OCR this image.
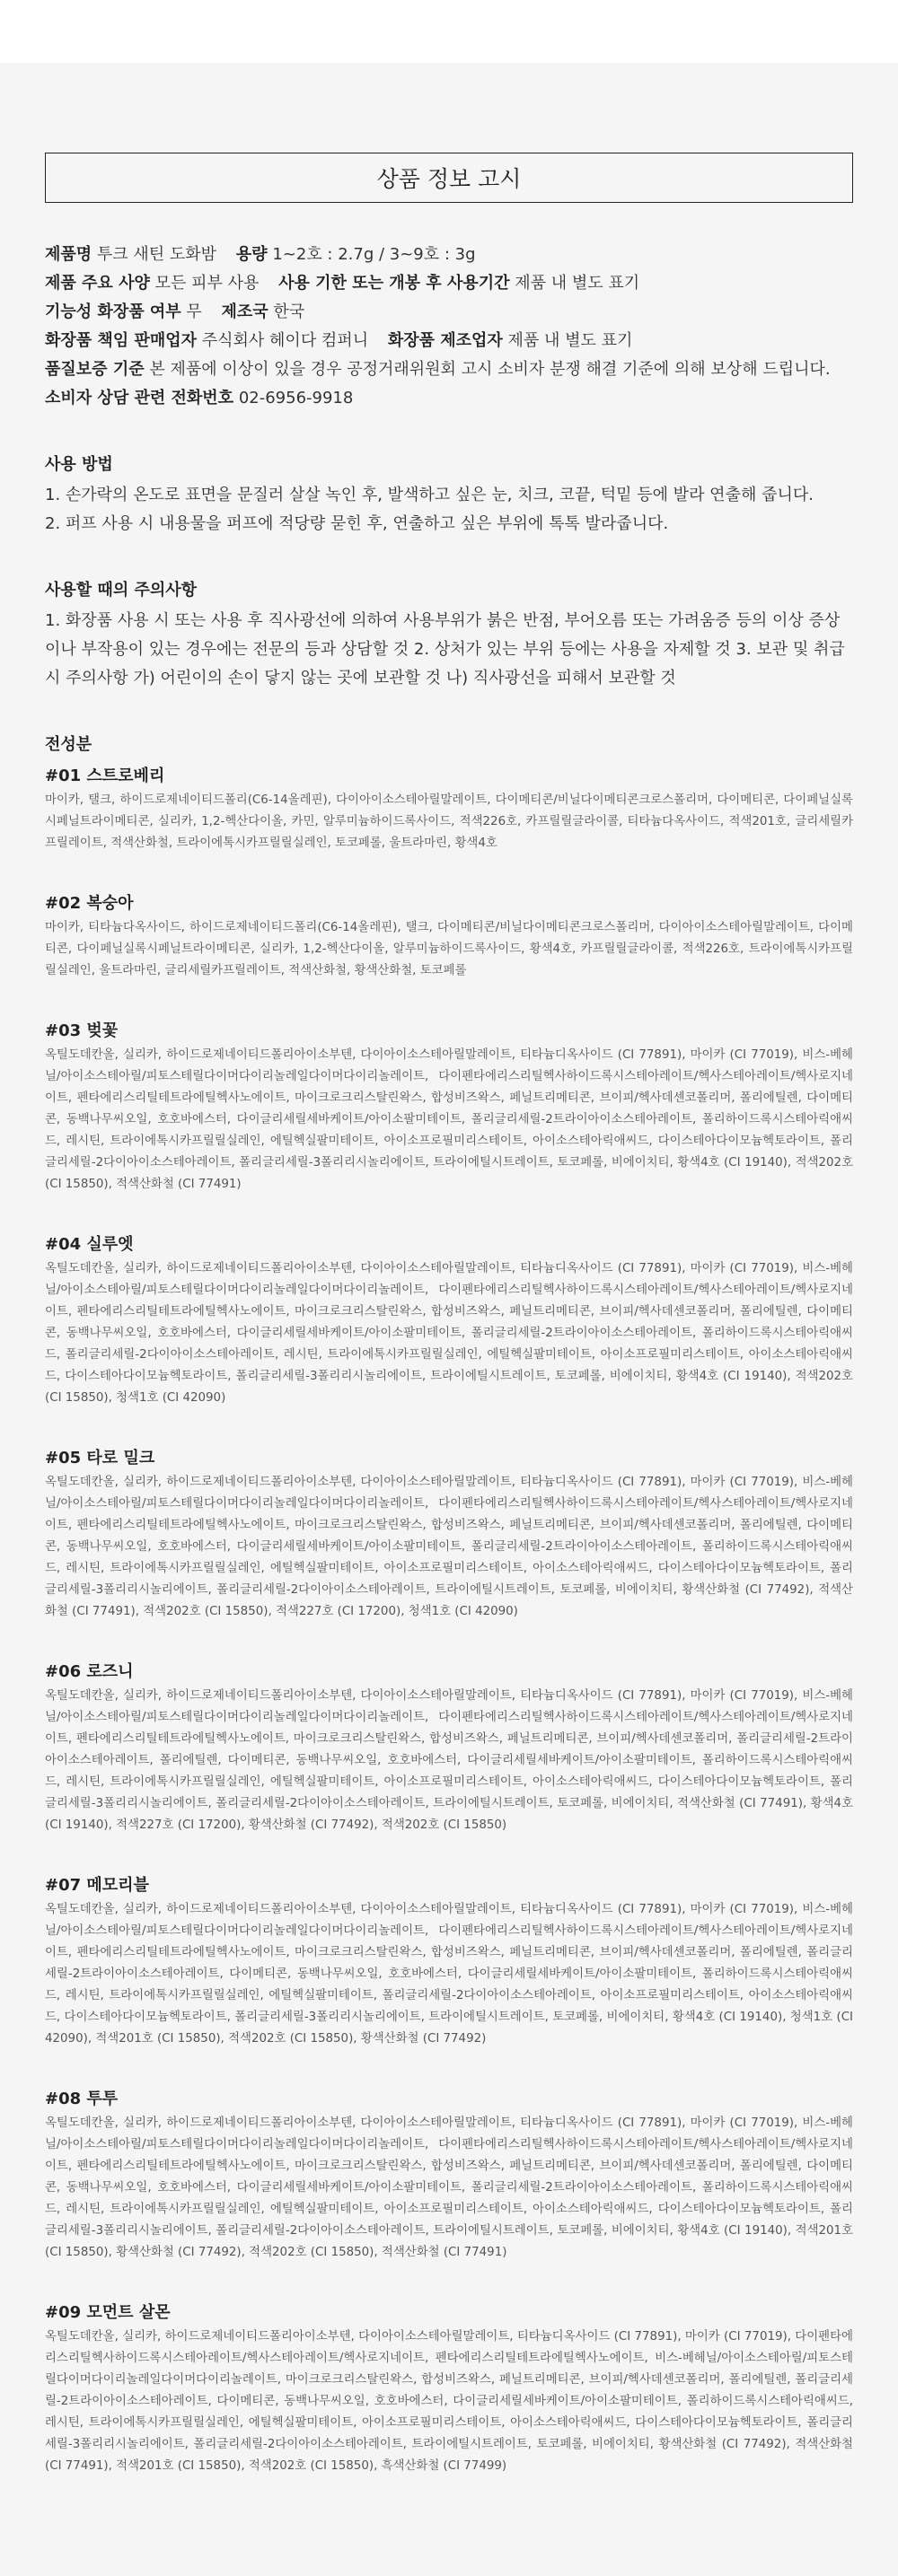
상품 정보 고시
제품명 투크 새틴 도화밤 용량 1~2호 : 2.7g / 3~9호 : 3g
제품 주요 사양 모든 피부 사용 사용 기한 또는 개봉 후 사용기간 제품 내 별도 표기
기능성 화장품 여부 무 제조국 한국
화장품 책임 판매업자 주식회사 헤이다 컴퍼니 화장품 제조업자 제품 내 별도 표기
품질보증 기준 본 제품에 이상이 있을 경우 공정거래위원회 고시 소비자 분쟁 해결 기준에 의해 보상해 드립니다.
소비자 상담 관련 전화번호 02-6956-9918
사용 방법
1. 손가락의 온도로 표면을 문질러 살살 녹인 후, 발색하고 싶은 눈, 치크, 코끝, 턱밑 등에 발라 연출해 줍니다.
2. 퍼프 사용 시 내용물을 퍼프에 적당량 묻힌 후, 연출하고 싶은 부위에 톡톡 발라줍니다.
사용할 때의 주의사항
1. 화장품 사용 시 또는 사용 후 직사광선에 의하여 사용부위가 붉은 반점, 부어오름 또는 가려움증 등의 이상 증상이나 부작용이 있는 경우에는 전문의 등과 상담할 것 2. 상처가 있는 부위 등에는 사용을 자제할 것 3. 보관 및 취급 시 주의사항 가) 어린이의 손이 닿지 않는 곳에 보관할 것 나) 직사광선을 피해서 보관할 것
전성분
#01 스트로베리
마이카, 탤크, 하이드로제네이티드폴리(C6-14올레핀), 다이아이소스테아릴말레이트, 다이메티콘/비닐다이메티콘크로스폴리머, 다이메티콘, 다이페닐실록시페닐트라이메티콘, 실리카, 1,2-헥산다이올, 카민, 알루미늄하이드록사이드, 적색226호, 카프릴릴글라이콜, 티타늄다옥사이드, 적색201호, 글리세릴카프릴레이트, 적색산화철, 트라이에톡시카프릴릴실레인, 토코페롤, 울트라마린, 황색4호
#02 복숭아
마이카, 티타늄다옥사이드, 하이드로제네이티드폴리(C6-14올레핀), 탤크, 다이메티콘/비닐다이메티콘크로스폴리머, 다이아이소스테아릴말레이트, 다이메티콘, 다이페닐실록시페닐트라이메티콘, 실리카, 1,2-헥산다이올, 알루미늄하이드록사이드, 황색4호, 카프릴릴글라이콜, 적색226호, 트라이에톡시카프릴릴실레인, 울트라마린, 글리세릴카프릴레이트, 적색산화철, 황색산화철, 토코페롤
#03 벚꽃
옥틸도데칸올, 실리카, 하이드로제네이티드폴리아이소부텐, 다이아이소스테아릴말레이트, 티타늄디옥사이드 (CI 77891), 마이카 (CI 77019), 비스-베헤닐/아이소스테아릴/피토스테릴다이머다이리놀레일다이머다이리놀레이트, 다이펜타에리스리틸헥사하이드록시스테아레이트/헥사스테아레이트/헥사로지네이트, 펜타에리스리틸테트라에틸헥사노에이트, 마이크로크리스탈린왁스, 합성비즈왁스, 페닐트리메티콘, 브이피/헥사데센코폴리머, 폴리에틸렌, 다이메티콘, 동백나무씨오일, 호호바에스터, 다이글리세릴세바케이트/아이소팔미테이트, 폴리글리세릴-2트라이아이소스테아레이트, 폴리하이드록시스테아릭애씨드, 레시틴, 트라이에톡시카프릴릴실레인, 에틸헥실팔미테이트, 아이소프로필미리스테이트, 아이소스테아릭애씨드, 다이스테아다이모늄헥토라이트, 폴리글리세릴-2다이아이소스테아레이트, 폴리글리세릴-3폴리리시놀리에이트, 트라이에틸시트레이트, 토코페롤, 비에이치티, 황색4호 (CI 19140), 적색202호 (CI 15850), 적색산화철 (CI 77491)
#04 실루엣
옥틸도데칸올, 실리카, 하이드로제네이티드폴리아이소부텐, 다이아이소스테아릴말레이트, 티타늄디옥사이드 (CI 77891), 마이카 (CI 77019), 비스-베헤닐/아이소스테아릴/피토스테릴다이머다이리놀레일다이머다이리놀레이트, 다이펜타에리스리틸헥사하이드록시스테아레이트/헥사스테아레이트/헥사로지네이트, 펜타에리스리틸테트라에틸헥사노에이트, 마이크로크리스탈린왁스, 합성비즈왁스, 페닐트리메티콘, 브이피/헥사데센코폴리머, 폴리에틸렌, 다이메티콘, 동백나무씨오일, 호호바에스터, 다이글리세릴세바케이트/아이소팔미테이트, 폴리글리세릴-2트라이아이소스테아레이트, 폴리하이드록시스테아릭애씨드, 폴리글리세릴-2다이아이소스테아레이트, 레시틴, 트라이에톡시카프릴릴실레인, 에틸헥실팔미테이트, 아이소프로필미리스테이트, 아이소스테아릭애씨드, 다이스테아다이모늄헥토라이트, 폴리글리세릴-3폴리리시놀리에이트, 트라이에틸시트레이트, 토코페롤, 비에이치티, 황색4호 (CI 19140), 적색202호 (CI 15850), 청색1호 (CI 42090)
#05 타로 밀크
옥틸도데칸올, 실리카, 하이드로제네이티드폴리아이소부텐, 다이아이소스테아릴말레이트, 티타늄디옥사이드 (CI 77891), 마이카 (CI 77019), 비스-베헤닐/아이소스테아릴/피토스테릴다이머다이리놀레일다이머다이리놀레이트, 다이펜타에리스리틸헥사하이드록시스테아레이트/헥사스테아레이트/헥사로지네이트, 펜타에리스리틸테트라에틸헥사노에이트, 마이크로크리스탈린왁스, 합성비즈왁스, 페닐트리메티콘, 브이피/헥사데센코폴리머, 폴리에틸렌, 다이메티콘, 동백나무씨오일, 호호바에스터, 다이글리세릴세바케이트/아이소팔미테이트, 폴리글리세릴-2트라이아이소스테아레이트, 폴리하이드록시스테아릭애씨드, 레시틴, 트라이에톡시카프릴릴실레인, 에틸헥실팔미테이트, 아이소프로필미리스테이트, 아이소스테아릭애씨드, 다이스테아다이모늄헥토라이트, 폴리글리세릴-3폴리리시놀리에이트, 폴리글리세릴-2다이아이소스테아레이트, 트라이에틸시트레이트, 토코페롤, 비에이치티, 황색산화철 (CI 77492), 적색산화철 (CI 77491), 적색202호 (CI 15850), 적색227호 (CI 17200), 청색1호 (CI 42090)
#06 로즈니
옥틸도데칸올, 실리카, 하이드로제네이티드폴리아이소부텐, 다이아이소스테아릴말레이트, 티타늄디옥사이드 (CI 77891), 마이카 (CI 77019), 비스-베헤닐/아이소스테아릴/피토스테릴다이머다이리놀레일다이머다이리놀레이트, 다이펜타에리스리틸헥사하이드록시스테아레이트/헥사스테아레이트/헥사로지네이트, 펜타에리스리틸테트라에틸헥사노에이트, 마이크로크리스탈린왁스, 합성비즈왁스, 페닐트리메티콘, 브이피/헥사데센코폴리머, 폴리글리세릴-2트라이아이소스테아레이트, 폴리에틸렌, 다이메티콘, 동백나무씨오일, 호호바에스터, 다이글리세릴세바케이트/아이소팔미테이트, 폴리하이드록시스테아릭애씨드, 레시틴, 트라이에톡시카프릴릴실레인, 에틸헥실팔미테이트, 아이소프로필미리스테이트, 아이소스테아릭애씨드, 다이스테아다이모늄헥토라이트, 폴리글리세릴-3폴리리시놀리에이트, 폴리글리세릴-2다이아이소스테아레이트, 트라이에틸시트레이트, 토코페롤, 비에이치티, 적색산화철 (CI 77491), 황색4호 (CI 19140), 적색227호 (CI 17200), 황색산화철 (CI 77492), 적색202호 (CI 15850)
#07 메모리블
옥틸도데칸올, 실리카, 하이드로제네이티드폴리아이소부텐, 다이아이소스테아릴말레이트, 티타늄디옥사이드 (CI 77891), 마이카 (CI 77019), 비스-베헤닐/아이소스테아릴/피토스테릴다이머다이리놀레일다이머다이리놀레이트, 다이펜타에리스리틸헥사하이드록시스테아레이트/헥사스테아레이트/헥사로지네이트, 펜타에리스리틸테트라에틸헥사노에이트, 마이크로크리스탈린왁스, 합성비즈왁스, 페닐트리메티콘, 브이피/헥사데센코폴리머, 폴리에틸렌, 폴리글리세릴-2트라이아이소스테아레이트, 다이메티콘, 동백나무씨오일, 호호바에스터, 다이글리세릴세바케이트/아이소팔미테이트, 폴리하이드록시스테아릭애씨드, 레시틴, 트라이에톡시카프릴릴실레인, 에틸헥실팔미테이트, 폴리글리세릴-2다이아이소스테아레이트, 아이소프로필미리스테이트, 아이소스테아릭애씨드, 다이스테아다이모늄헥토라이트, 폴리글리세릴-3폴리리시놀리에이트, 트라이에틸시트레이트, 토코페롤, 비에이치티, 황색4호 (CI 19140), 청색1호 (CI 42090), 적색201호 (CI 15850), 적색202호 (CI 15850), 황색산화철 (CI 77492)
#08 투투
옥틸도데칸올, 실리카, 하이드로제네이티드폴리아이소부텐, 다이아이소스테아릴말레이트, 티타늄디옥사이드 (CI 77891), 마이카 (CI 77019), 비스-베헤닐/아이소스테아릴/피토스테릴다이머다이리놀레일다이머다이리놀레이트, 다이펜타에리스리틸헥사하이드록시스테아레이트/헥사스테아레이트/헥사로지네이트, 펜타에리스리틸테트라에틸헥사노에이트, 마이크로크리스탈린왁스, 합성비즈왁스, 페닐트리메티콘, 브이피/헥사데센코폴리머, 폴리에틸렌, 다이메티콘, 동백나무씨오일, 호호바에스터, 다이글리세릴세바케이트/아이소팔미테이트, 폴리글리세릴-2트라이아이소스테아레이트, 폴리하이드록시스테아릭애씨드, 레시틴, 트라이에톡시카프릴릴실레인, 에틸헥실팔미테이트, 아이소프로필미리스테이트, 아이소스테아릭애씨드, 다이스테아다이모늄헥토라이트, 폴리글리세릴-3폴리리시놀리에이트, 폴리글리세릴-2다이아이소스테아레이트, 트라이에틸시트레이트, 토코페롤, 비에이치티, 황색4호 (CI 19140), 적색201호 (CI 15850), 황색산화철 (CI 77492), 적색202호 (CI 15850), 적색산화철 (CI 77491)
#09 모먼트 살몬
옥틸도데칸올, 실리카, 하이드로제네이티드폴리아이소부텐, 다이아이소스테아릴말레이트, 티타늄디옥사이드 (CI 77891), 마이카 (CI 77019), 다이펜타에리스리틸헥사하이드록시스테아레이트/헥사스테아레이트/헥사로지네이트, 펜타에리스리틸테트라에틸헥사노에이트, 비스-베헤닐/아이소스테아릴/피토스테릴다이머다이리놀레일다이머다이리놀레이트, 마이크로크리스탈린왁스, 합성비즈왁스, 페닐트리메티콘, 브이피/헥사데센코폴리머, 폴리에틸렌, 폴리글리세릴-2트라이아이소스테아레이트, 다이메티콘, 동백나무씨오일, 호호바에스터, 다이글리세릴세바케이트/아이소팔미테이트, 폴리하이드록시스테아릭애씨드, 레시틴, 트라이에톡시카프릴릴실레인, 에틸헥실팔미테이트, 아이소프로필미리스테이트, 아이소스테아릭애씨드, 다이스테아다이모늄헥토라이트, 폴리글리세릴-3폴리리시놀리에이트, 폴리글리세릴-2다이아이소스테아레이트, 트라이에틸시트레이트, 토코페롤, 비에이치티, 황색산화철 (CI 77492), 적색산화철 (CI 77491), 적색201호 (CI 15850), 적색202호 (CI 15850), 흑색산화철 (CI 77499)
